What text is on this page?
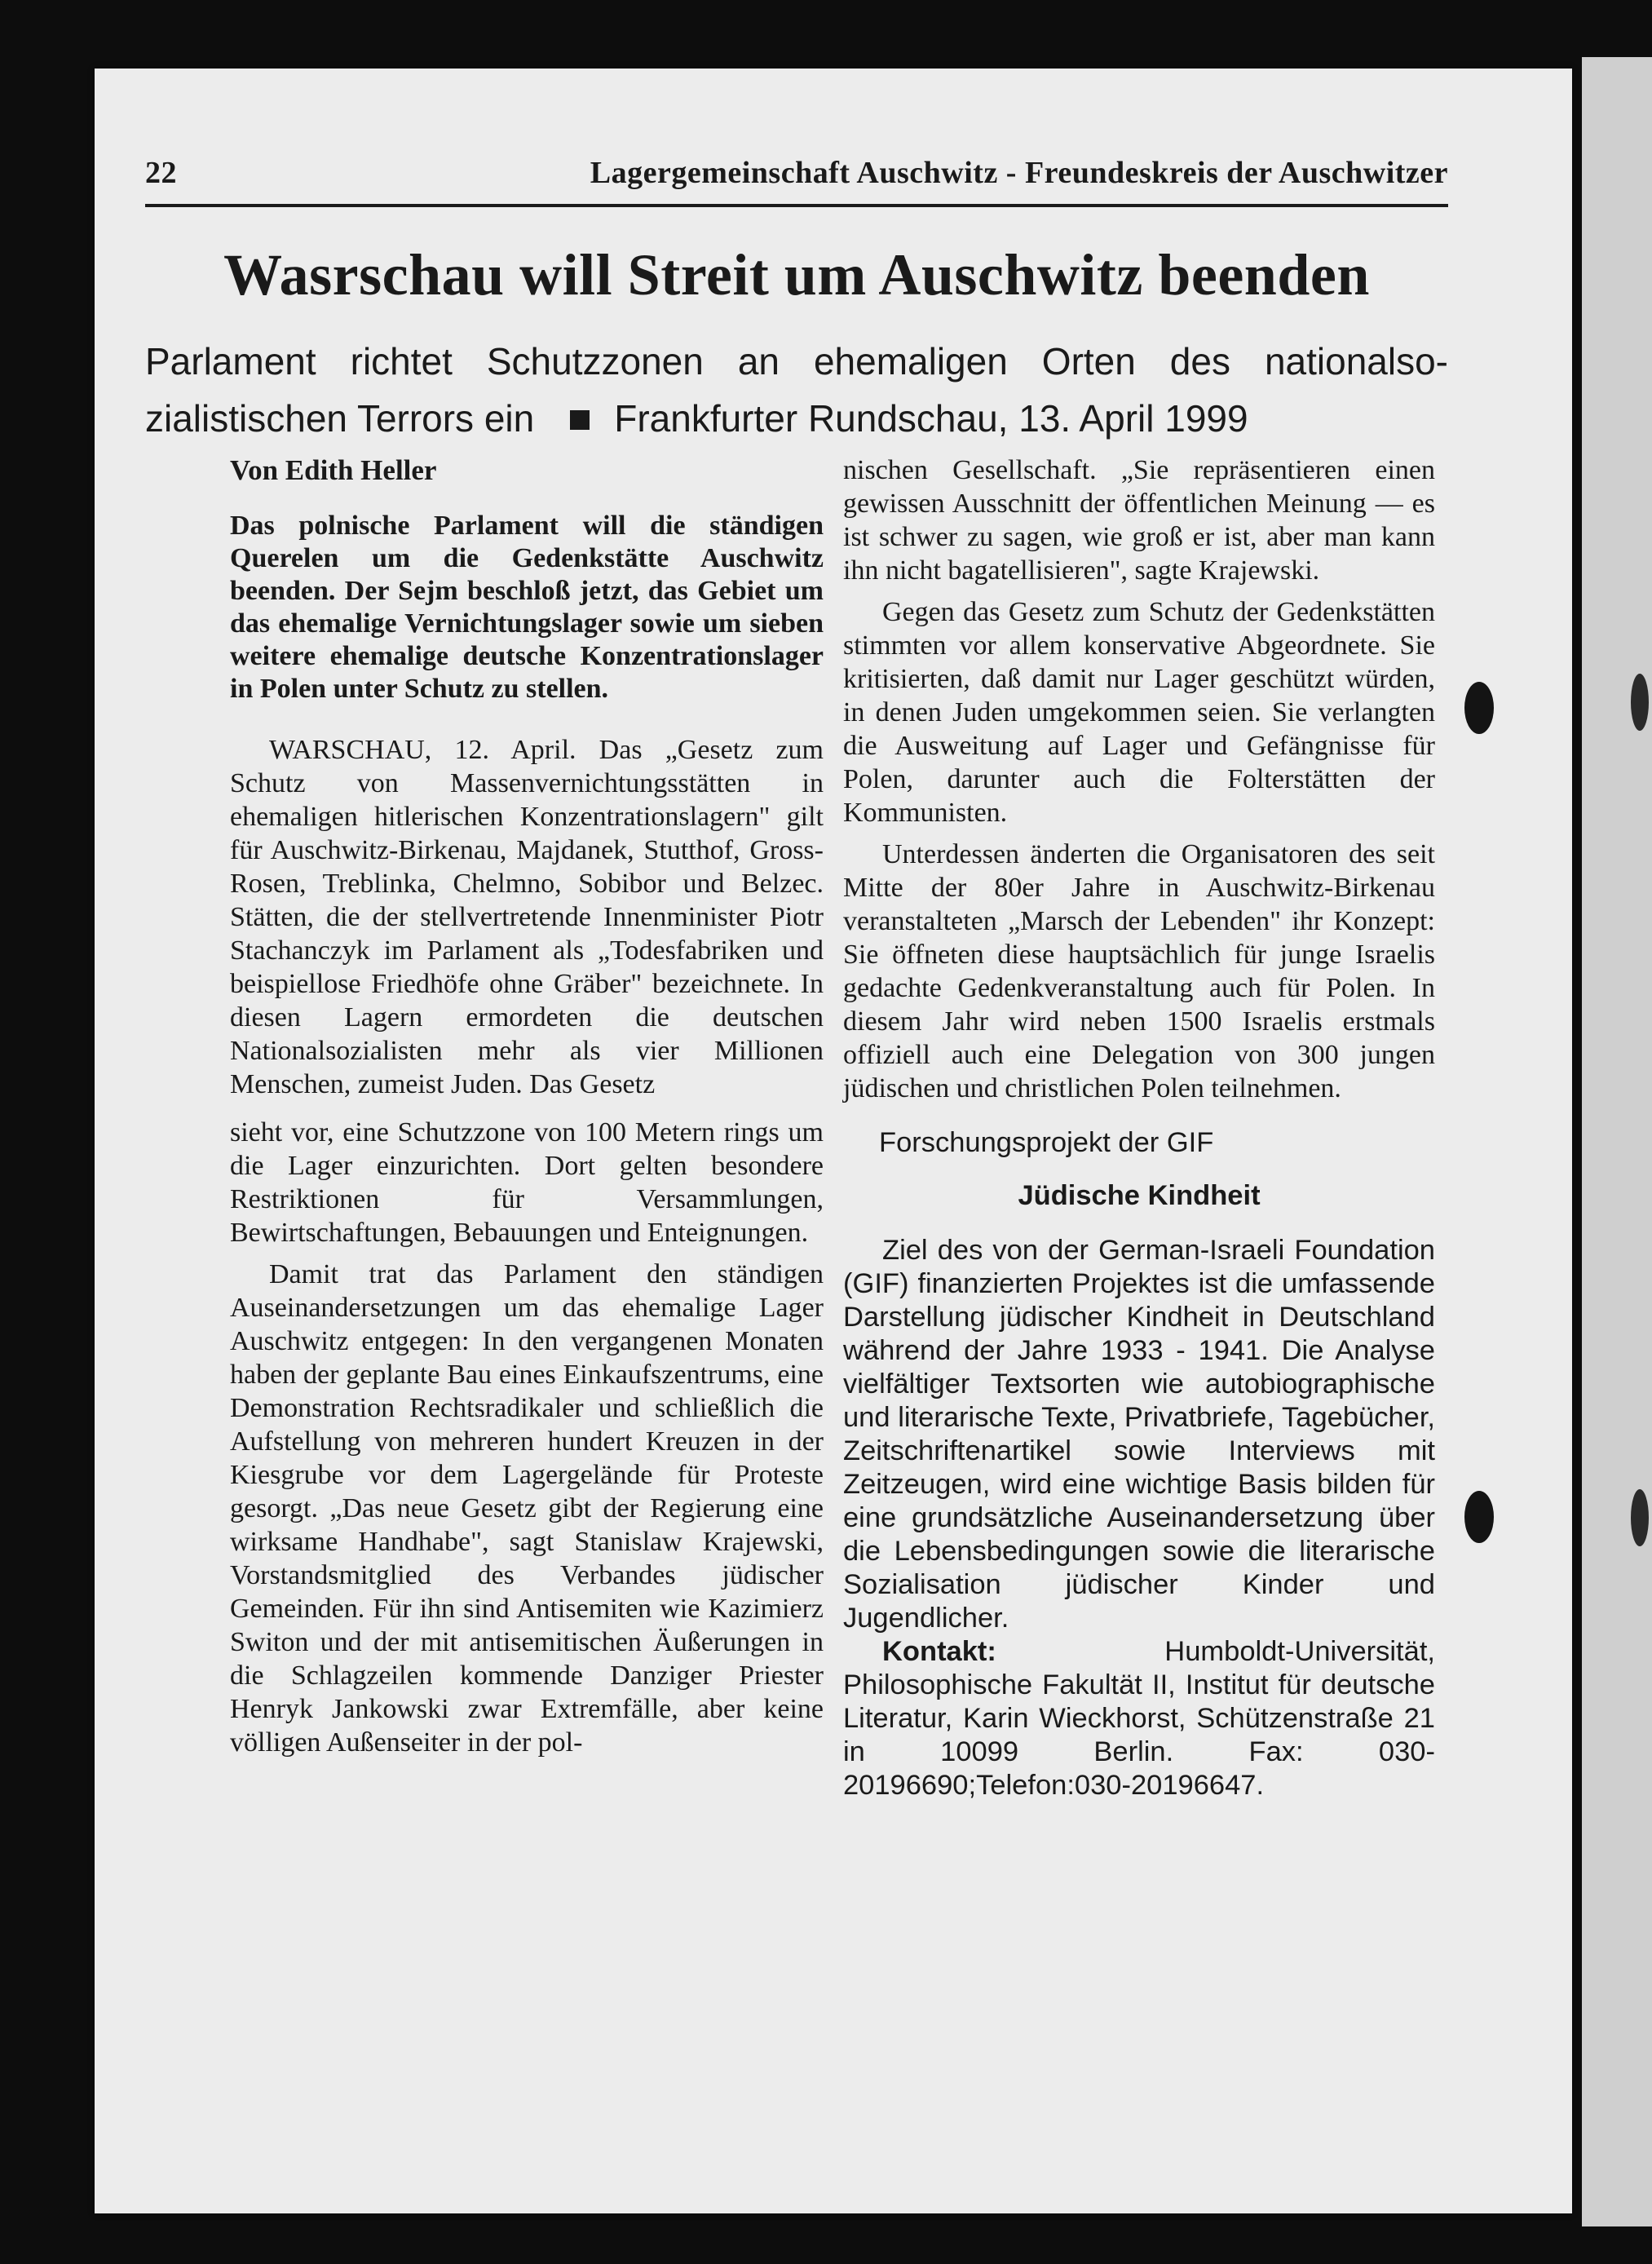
22	Lagergemeinschaft Auschwitz - Freundeskreis der Auschwitzer
Wasrschau will Streit um Auschwitz beenden
Parlament richtet Schutzzonen an ehemaligen Orten des nationalso-
zialistischen Terrors ein Frankfurter Rundschau, 13. April 1999

Von Edith Heller

Das polnische Parlament will die ständigen Querelen um die Gedenkstätte Auschwitz beenden. Der Sejm beschloß jetzt, das Gebiet um das ehemalige Vernichtungslager sowie um sieben weitere ehemalige deutsche Konzentrationslager in Polen unter Schutz zu stellen.

WARSCHAU, 12. April. Das „Gesetz zum Schutz von Massenvernichtungsstätten in ehemaligen hitlerischen Konzentrationslagern" gilt für Auschwitz-Birkenau, Majdanek, Stutthof, Gross-Rosen, Treblinka, Chelmno, Sobibor und Belzec. Stätten, die der stellvertretende Innenminister Piotr Stachanczyk im Parlament als „Todesfabriken und beispiellose Friedhöfe ohne Gräber" bezeichnete. In diesen Lagern ermordeten die deutschen Nationalsozialisten mehr als vier Millionen Menschen, zumeist Juden. Das Gesetz

sieht vor, eine Schutzzone von 100 Metern rings um die Lager einzurichten. Dort gelten besondere Restriktionen für Versammlungen, Bewirtschaftungen, Bebauungen und Enteignungen.

Damit trat das Parlament den ständigen Auseinandersetzungen um das ehemalige Lager Auschwitz entgegen: In den vergangenen Monaten haben der geplante Bau eines Einkaufszentrums, eine Demonstration Rechtsradikaler und schließlich die Aufstellung von mehreren hundert Kreuzen in der Kiesgrube vor dem Lagergelände für Proteste gesorgt. „Das neue Gesetz gibt der Regierung eine wirksame Handhabe", sagt Stanislaw Krajewski, Vorstandsmitglied des Verbandes jüdischer Gemeinden. Für ihn sind Antisemiten wie Kazimierz Switon und der mit antisemitischen Äußerungen in die Schlagzeilen kommende Danziger Priester Henryk Jankowski zwar Extremfälle, aber keine völligen Außenseiter in der pol-

nischen Gesellschaft. „Sie repräsentieren einen gewissen Ausschnitt der öffentlichen Meinung — es ist schwer zu sagen, wie groß er ist, aber man kann ihn nicht bagatellisieren", sagte Krajewski.

Gegen das Gesetz zum Schutz der Gedenkstätten stimmten vor allem konservative Abgeordnete. Sie kritisierten, daß damit nur Lager geschützt würden, in denen Juden umgekommen seien. Sie verlangten die Ausweitung auf Lager und Gefängnisse für Polen, darunter auch die Folterstätten der Kommunisten.

Unterdessen änderten die Organisatoren des seit Mitte der 80er Jahre in Auschwitz-Birkenau veranstalteten „Marsch der Lebenden" ihr Konzept: Sie öffneten diese hauptsächlich für junge Israelis gedachte Gedenkveranstaltung auch für Polen. In diesem Jahr wird neben 1500 Israelis erstmals offiziell auch eine Delegation von 300 jungen jüdischen und christlichen Polen teilnehmen.

Forschungsprojekt der GIF

Jüdische Kindheit

Ziel des von der German-Israeli Foundation (GIF) finanzierten Projektes ist die umfassende Darstellung jüdischer Kindheit in Deutschland während der Jahre 1933 - 1941. Die Analyse vielfältiger Textsorten wie autobiographische und literarische Texte, Privatbriefe, Tagebücher, Zeitschriftenartikel sowie Interviews mit Zeitzeugen, wird eine wichtige Basis bilden für eine grundsätzliche Auseinandersetzung über die Lebensbedingungen sowie die literarische Sozialisation jüdischer Kinder und Jugendlicher.

Kontakt:	Humboldt-Universität, Philosophische Fakultät II, Institut für deutsche Literatur, Karin Wieckhorst, Schützenstraße 21 in 10099 Berlin. Fax: 030-20196690;Telefon:030-20196647.
